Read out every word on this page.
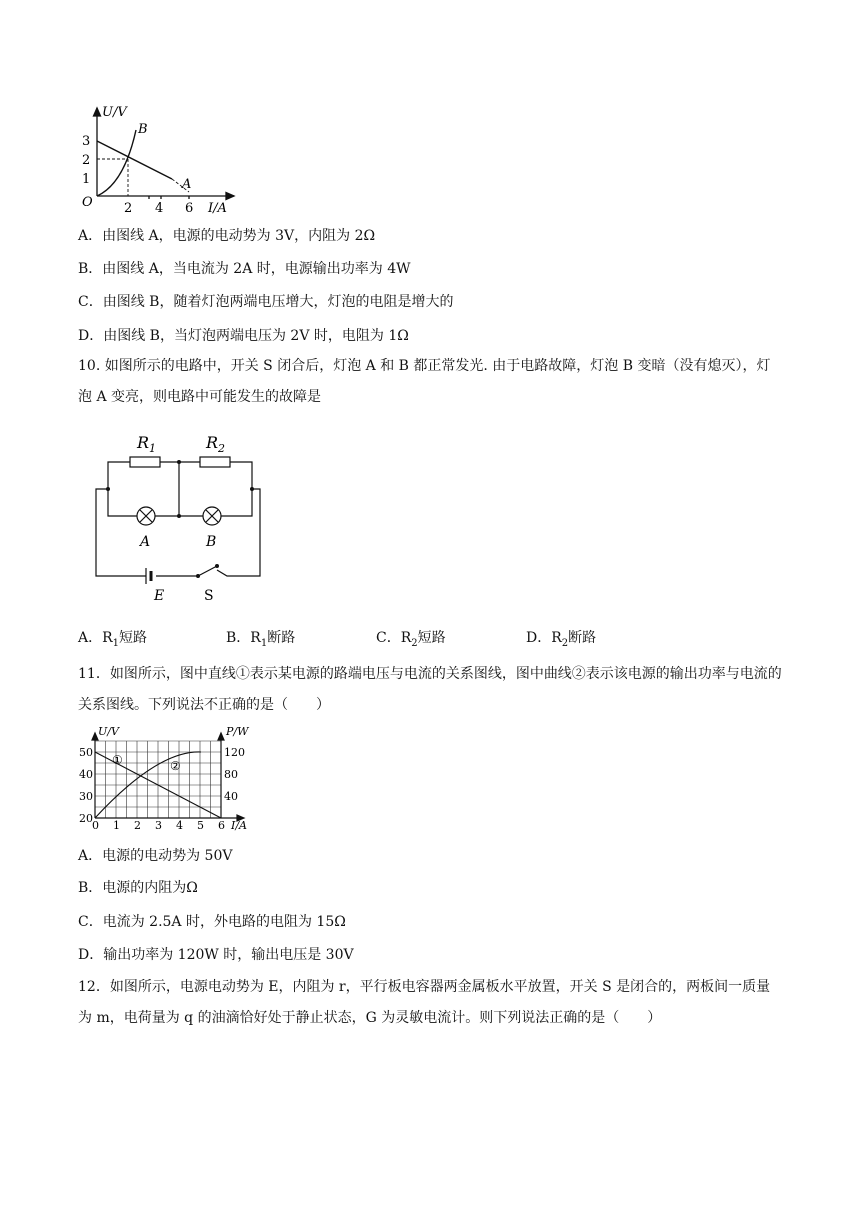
U/V
I/A
O
1
2
3
2 4 6
A
B
A．由图线 A，电源的电动势为 3V，内阻为 2Ω
B．由图线 A，当电流为 2A 时，电源输出功率为 4W
C．由图线 B，随着灯泡两端电压增大，灯泡的电阻是增大的
D．由图线 B，当灯泡两端电压为 2V 时，电阻为 1Ω
10. 如图所示的电路中，开关 S 闭合后，灯泡 A 和 B 都正常发光. 由于电路故障，灯泡 B 变暗（没有熄灭），灯泡 A 变亮，则电路中可能发生的故障是
$R_1$	$R_2$
A	B
E	S
A．$R_1$短路	B．$R_1$断路	C．$R_2$短路	D．$R_2$断路
11．如图所示，图中直线①表示某电源的路端电压与电流的关系图线，图中曲线②表示该电源的输出功率与电流的关系图线。下列说法不正确的是（　　）
U/V	P/W
I/A
20
30
40
50
40
80
120
0 1 2 3 4 5 6
①	②
A．电源的电动势为 50V
B．电源的内阻为Ω
C．电流为 2.5A 时，外电路的电阻为 15Ω
D．输出功率为 120W 时，输出电压是 30V
12．如图所示，电源电动势为 E，内阻为 r，平行板电容器两金属板水平放置，开关 S 是闭合的，两板间一质量为 m，电荷量为 q 的油滴恰好处于静止状态，G 为灵敏电流计。则下列说法正确的是（　　）
